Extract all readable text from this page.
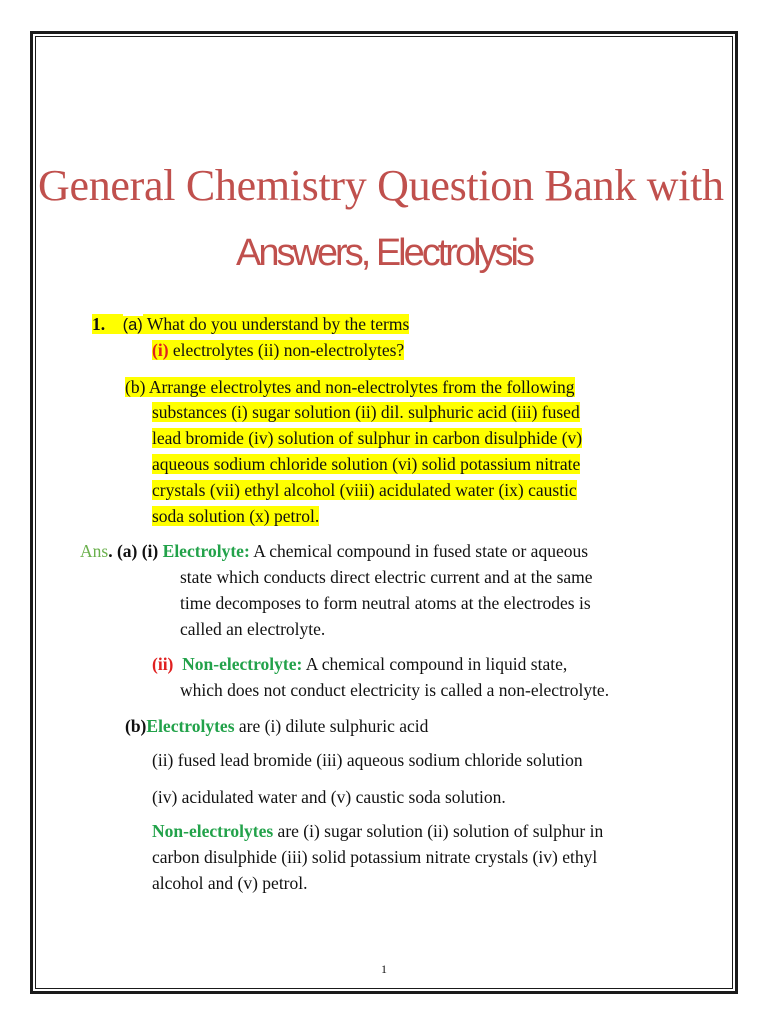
General Chemistry Question Bank with
Answers, Electrolysis
1. (a) What do you understand by the terms
(i) electrolytes (ii) non-electrolytes?
(b) Arrange electrolytes and non-electrolytes from the following
substances (i) sugar solution (ii) dil. sulphuric acid (iii) fused
lead bromide (iv) solution of sulphur in carbon disulphide (v)
aqueous sodium chloride solution (vi) solid potassium nitrate
crystals (vii) ethyl alcohol (viii) acidulated water (ix) caustic
soda solution (x) petrol.
Ans. (a) (i) Electrolyte: A chemical compound in fused state or aqueous
state which conducts direct electric current and at the same
time decomposes to form neutral atoms at the electrodes is
called an electrolyte.
(ii) Non-electrolyte: A chemical compound in liquid state,
which does not conduct electricity is called a non-electrolyte.
(b)Electrolytes are (i) dilute sulphuric acid
(ii) fused lead bromide (iii) aqueous sodium chloride solution
(iv) acidulated water and (v) caustic soda solution.
Non-electrolytes are (i) sugar solution (ii) solution of sulphur in
carbon disulphide (iii) solid potassium nitrate crystals (iv) ethyl
alcohol and (v) petrol.
1
